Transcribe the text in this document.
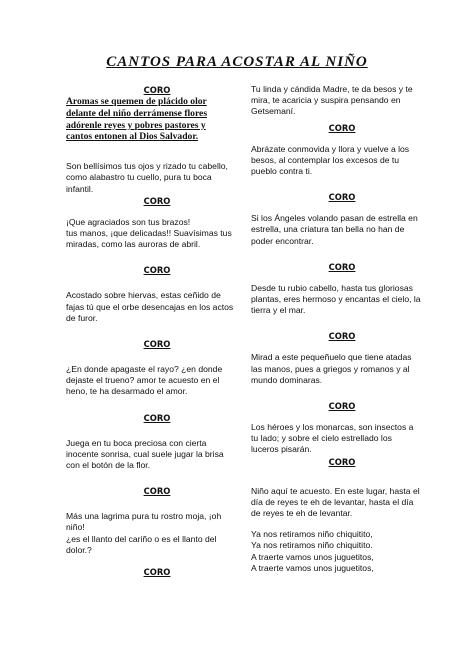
CANTOS PARA ACOSTAR AL NIÑO

CORO

Aromas se quemen de plácido olor
delante del niño derrámense flores
adórenle reyes y pobres pastores y
cantos entonen al Dios Salvador.
Son bellísimos tus ojos y rizado tu cabello,
como alabastro tu cuello, pura tu boca
infantil.

CORO

¡Que agraciados son tus brazos!
tus manos, ¡que delicadas!! Suavísimas tus
miradas, como las auroras de abril.

CORO

Acostado sobre hiervas, estas ceñido de
fajas tú que el orbe desencajas en los actos
de furor.

CORO

¿En donde apagaste el rayo? ¿en donde
dejaste el trueno? amor te acuesto en el
heno, te ha desarmado el amor.

CORO

Juega en tu boca preciosa con cierta
inocente sonrisa, cual suele jugar la brisa
con el botón de la flor.

CORO

Más una lagrima pura tu rostro moja, ¡oh
niño!
¿es el llanto del cariño o es el llanto del
dolor.?

CORO

Tu linda y cándida Madre, te da besos y te
mira, te acaricia y suspira pensando en
Getsemaní.

CORO

Abrázate conmovida y llora y vuelve a los
besos, al contemplar los excesos de tu
pueblo contra ti.

CORO

Si los Ángeles volando pasan de estrella en
estrella, una criatura tan bella no han de
poder encontrar.

CORO

Desde tu rubio cabello, hasta tus gloriosas
plantas, eres hermoso y encantas el cielo, la
tierra y el mar.

CORO

Mirad a este pequeñuelo que tiene atadas
las manos, pues a griegos y romanos y al
mundo dominaras.

CORO

Los héroes y los monarcas, son insectos a
tu lado; y sobre el cielo estrellado los
luceros pisarán.

CORO

Niño aquí te acuesto. En este lugar, hasta el
día de reyes te eh de levantar, hasta el día
de reyes te eh de levantar.
Ya nos retiramos niño chiquitito,
Ya nos retiramos niño chiquitito.
A traerte vamos unos juguetitos,
A traerte vamos unos juguetitos,
